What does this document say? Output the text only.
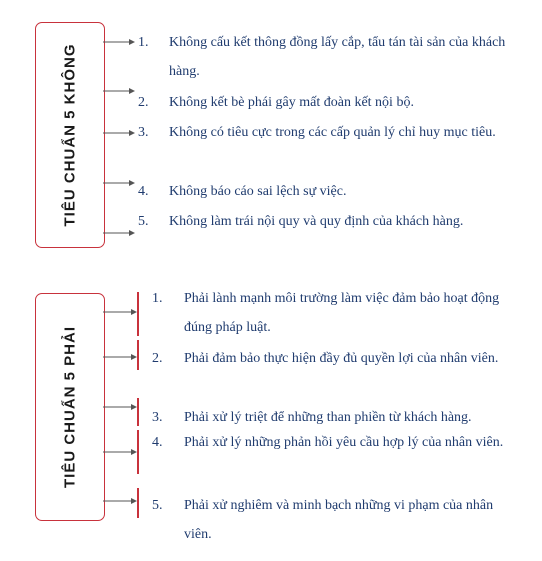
TIÊU CHUẨN 5 KHÔNG
1. Không cấu kết thông đồng lấy cắp, tẩu tán tài sản của khách hàng.
2. Không kết bè phái gây mất đoàn kết nội bộ.
3. Không có tiêu cực trong các cấp quản lý chỉ huy mục tiêu.
4. Không báo cáo sai lệch sự việc.
5. Không làm trái nội quy và quy định của khách hàng.
TIÊU CHUẨN 5 PHẢI
1. Phải lành mạnh môi trường làm việc đảm bảo hoạt động đúng pháp luật.
2. Phải đảm bảo thực hiện đầy đủ quyền lợi của nhân viên.
3. Phải xử lý triệt để những than phiền từ khách hàng.
4. Phải xử lý những phản hồi yêu cầu hợp lý của nhân viên.
5. Phải xử nghiêm và minh bạch những vi phạm của nhân viên.
